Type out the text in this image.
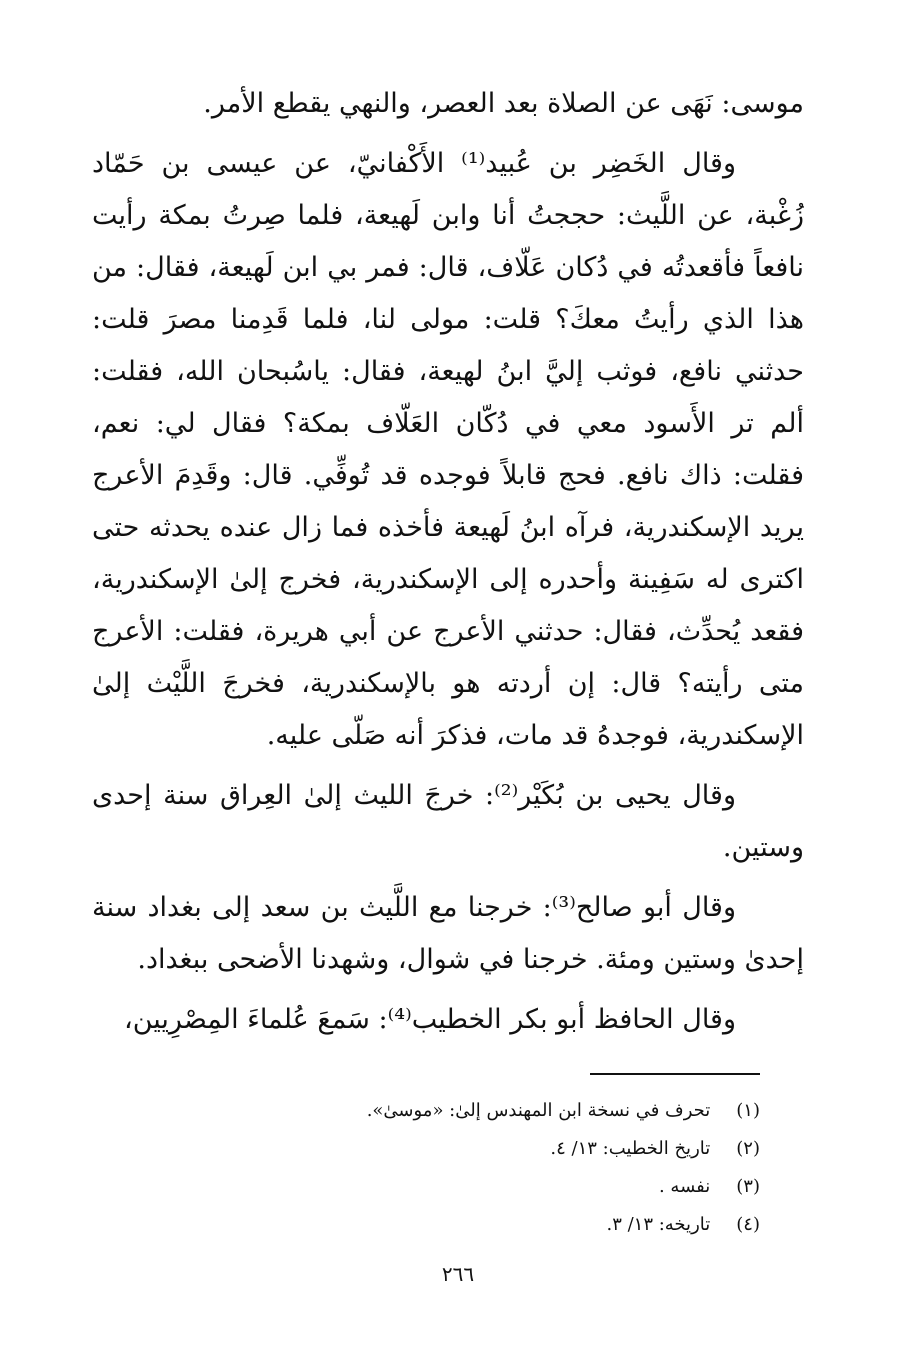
موسى: نَهَى عن الصلاة بعد العصر، والنهي يقطع الأمر.

وقال الخَضِر بن عُبيد⁽¹⁾ الأَكْفانيّ، عن عيسى بن حَمّاد زُغْبة، عن اللَّيث: حججتُ أنا وابن لَهيعة، فلما صِرتُ بمكة رأيت نافعاً فأقعدتُه في دُكان عَلّاف، قال: فمر بي ابن لَهيعة، فقال: من هذا الذي رأيتُ معكَ؟ قلت: مولى لنا، فلما قَدِمنا مصرَ قلت: حدثني نافع، فوثب إليَّ ابنُ لهيعة، فقال: ياسُبحان الله، فقلت: ألم تر الأَسود معي في دُكّان العَلّاف بمكة؟ فقال لي: نعم، فقلت: ذاك نافع. فحج قابلاً فوجده قد تُوفِّي. قال: وقَدِمَ الأعرج يريد الإسكندرية، فرآه ابنُ لَهيعة فأخذه فما زال عنده يحدثه حتى اكترى له سَفِينة وأحدره إلى الإسكندرية، فخرج إلىٰ الإسكندرية، فقعد يُحدِّث، فقال: حدثني الأعرج عن أبي هريرة، فقلت: الأعرج متى رأيته؟ قال: إن أردته هو بالإسكندرية، فخرجَ اللَّيْث إلىٰ الإسكندرية، فوجدهُ قد مات، فذكرَ أنه صَلّى عليه.

وقال يحيى بن بُكَيْر⁽²⁾: خرجَ الليث إلىٰ العِراق سنة إحدى وستين.

وقال أبو صالح⁽³⁾: خرجنا مع اللَّيث بن سعد إلى بغداد سنة إحدىٰ وستين ومئة. خرجنا في شوال، وشهدنا الأضحى ببغداد.

وقال الحافظ أبو بكر الخطيب⁽⁴⁾: سَمعَ عُلماءَ المِصْرِيين،

(١) تحرف في نسخة ابن المهندس إلىٰ: «موسىٰ».
(٢) تاريخ الخطيب: ١٣/ ٤.
(٣) نفسه .
(٤) تاريخه: ١٣/ ٣.
٢٦٦
